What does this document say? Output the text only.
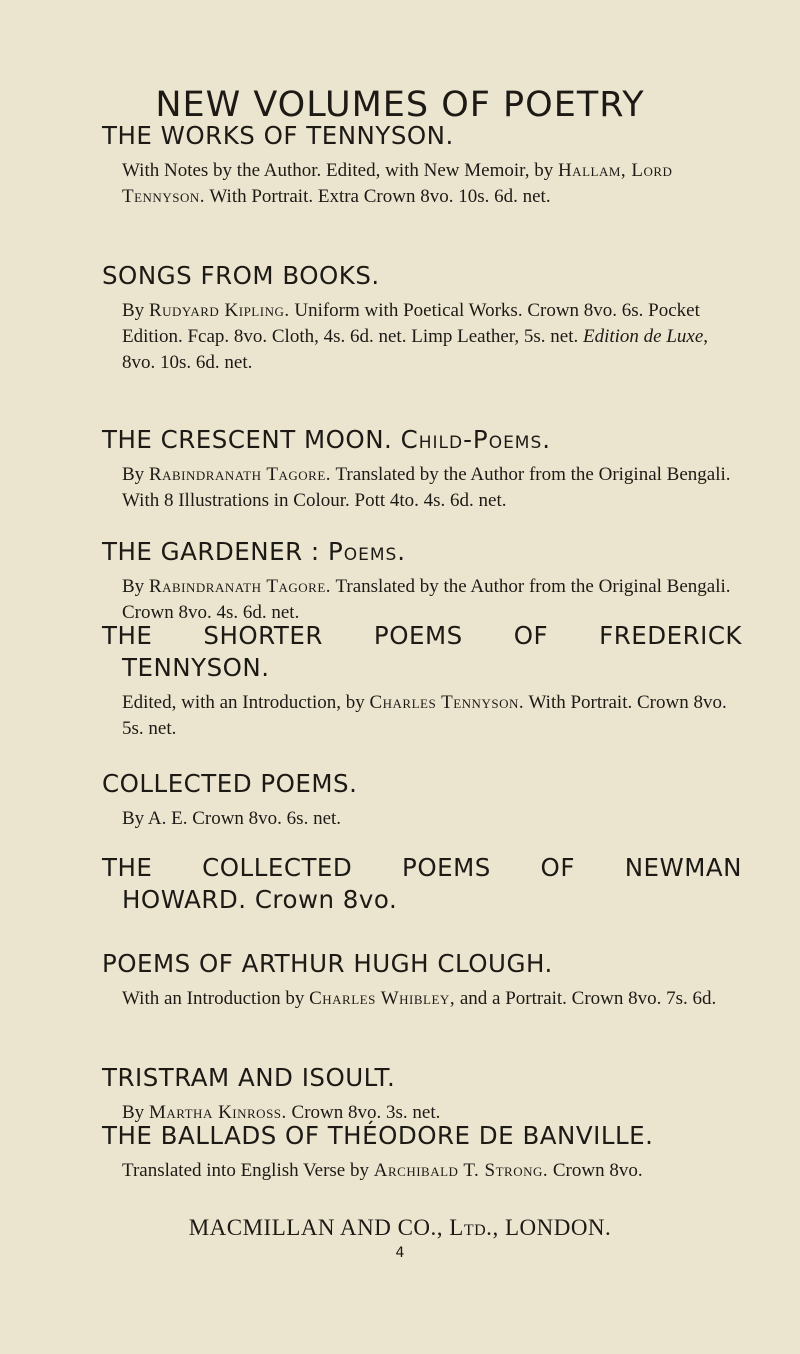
NEW VOLUMES OF POETRY
THE WORKS OF TENNYSON.

With Notes by the Author. Edited, with New Memoir, by Hallam, Lord Tennyson. With Portrait. Extra Crown 8vo. 10s. 6d. net.

SONGS FROM BOOKS.

By Rudyard Kipling. Uniform with Poetical Works. Crown 8vo. 6s. Pocket Edition. Fcap. 8vo. Cloth, 4s. 6d. net. Limp Leather, 5s. net. Edition de Luxe, 8vo. 10s. 6d. net.

THE CRESCENT MOON. Child-Poems.

By Rabindranath Tagore. Translated by the Author from the Original Bengali. With 8 Illustrations in Colour. Pott 4to. 4s. 6d. net.

THE GARDENER : Poems.

By Rabindranath Tagore. Translated by the Author from the Original Bengali. Crown 8vo. 4s. 6d. net.

THE SHORTER POEMS OF FREDERICK
TENNYSON.

Edited, with an Introduction, by Charles Tennyson. With Portrait. Crown 8vo. 5s. net.

COLLECTED POEMS.

By A. E. Crown 8vo. 6s. net.

THE COLLECTED POEMS OF NEWMAN
HOWARD. Crown 8vo.
POEMS OF ARTHUR HUGH CLOUGH.

With an Introduction by Charles Whibley, and a Portrait. Crown 8vo. 7s. 6d.

TRISTRAM AND ISOULT.

By Martha Kinross. Crown 8vo. 3s. net.

THE BALLADS OF THÉODORE DE BANVILLE.

Translated into English Verse by Archibald T. Strong. Crown 8vo.

MACMILLAN AND CO., Ltd., LONDON.
4
